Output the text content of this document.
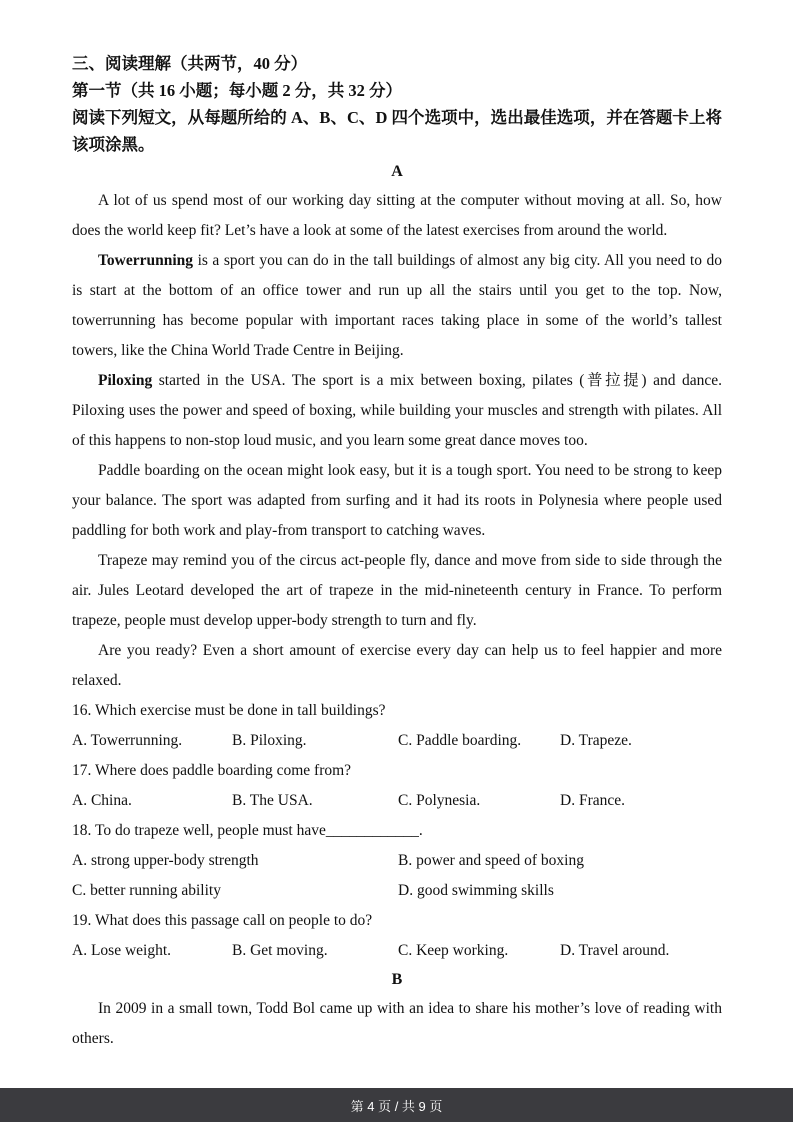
三、阅读理解（共两节，40 分）

第一节（共 16 小题；每小题 2 分，共 32 分）

阅读下列短文，从每题所给的 A、B、C、D 四个选项中，选出最佳选项，并在答题卡上将该项涂黑。

A

A lot of us spend most of our working day sitting at the computer without moving at all. So, how does the world keep fit? Let’s have a look at some of the latest exercises from around the world.

Towerrunning is a sport you can do in the tall buildings of almost any big city. All you need to do is start at the bottom of an office tower and run up all the stairs until you get to the top. Now, towerrunning has become popular with important races taking place in some of the world’s tallest towers, like the China World Trade Centre in Beijing.

Piloxing started in the USA. The sport is a mix between boxing, pilates (普拉提) and dance. Piloxing uses the power and speed of boxing, while building your muscles and strength with pilates. All of this happens to non-stop loud music, and you learn some great dance moves too.

Paddle boarding on the ocean might look easy, but it is a tough sport. You need to be strong to keep your balance. The sport was adapted from surfing and it had its roots in Polynesia where people used paddling for both work and play-from transport to catching waves.

Trapeze may remind you of the circus act-people fly, dance and move from side to side through the air. Jules Leotard developed the art of trapeze in the mid-nineteenth century in France. To perform trapeze, people must develop upper-body strength to turn and fly.

Are you ready? Even a short amount of exercise every day can help us to feel happier and more relaxed.

16. Which exercise must be done in tall buildings?

A. Towerrunning.	B. Piloxing.	C. Paddle boarding.	D. Trapeze.

17. Where does paddle boarding come from?

A. China.	B. The USA.	C. Polynesia.	D. France.

18. To do trapeze well, people must have____________.

A. strong upper-body strength	B. power and speed of boxing
C. better running ability	D. good swimming skills

19. What does this passage call on people to do?

A. Lose weight.	B. Get moving.	C. Keep working.	D. Travel around.

B

In 2009 in a small town, Todd Bol came up with an idea to share his mother’s love of reading with others.

第 4 页 / 共 9 页
